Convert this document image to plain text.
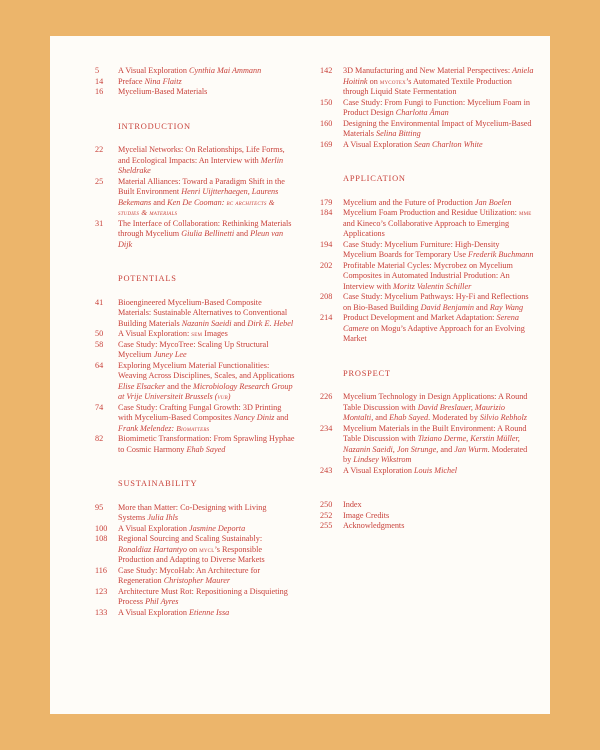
5	A Visual Exploration Cynthia Mai Ammann
14	Preface Nina Flaitz
16	Mycelium-Based Materials
INTRODUCTION
22	Mycelial Networks: On Relationships, Life Forms, and Ecological Impacts: An Interview with Merlin Sheldrake
25	Material Alliances: Toward a Paradigm Shift in the Built Environment Henri Uijtterhaegen, Laurens Bekemans and Ken De Cooman: bc architects & studies & materials
31	The Interface of Collaboration: Rethinking Materials through Mycelium Giulia Bellinetti and Pleun van Dijk
POTENTIALS
41	Bioengineered Mycelium-Based Composite Materials: Sustainable Alternatives to Conventional Building Materials Nazanin Saeidi and Dirk E. Hebel
50	A Visual Exploration: sem Images
58	Case Study: MycoTree: Scaling Up Structural Mycelium Juney Lee
64	Exploring Mycelium Material Functionalities: Weaving Across Disciplines, Scales, and Applications Elise Elsacker and the Microbiology Research Group at Vrije Universiteit Brussels (vub)
74	Case Study: Crafting Fungal Growth: 3D Printing with Mycelium-Based Composites Nancy Diniz and Frank Melendez: Biomatters
82	Biomimetic Transformation: From Sprawling Hyphae to Cosmic Harmony Ehab Sayed
SUSTAINABILITY
95	More than Matter: Co-Designing with Living Systems Julia Ihls
100	A Visual Exploration Jasmine Deporta
108	Regional Sourcing and Scaling Sustainably: Ronaldiaz Hartantyo on mycl’s Responsible Production and Adapting to Diverse Markets
116	Case Study: MycoHab: An Architecture for Regeneration Christopher Maurer
123	Architecture Must Rot: Repositioning a Disquieting Process Phil Ayres
133	A Visual Exploration Etienne Issa
142	3D Manufacturing and New Material Perspectives: Aniela Hoitink on mycotex’s Automated Textile Production through Liquid State Fermentation
150	Case Study: From Fungi to Function: Mycelium Foam in Product Design Charlotta Åman
160	Designing the Environmental Impact of Mycelium-Based Materials Selina Bitting
169	A Visual Exploration Sean Charlton White
APPLICATION
179	Mycelium and the Future of Production Jan Boelen
184	Mycelium Foam Production and Residue Utilization: mme and Kineco’s Collaborative Approach to Emerging Applications
194	Case Study: Mycelium Furniture: High-Density Mycelium Boards for Temporary Use Frederik Buchmann
202	Profitable Material Cycles: Mycrobez on Mycelium Composites in Automated Industrial Prodution: An Interview with Moritz Valentin Schiller
208	Case Study: Mycelium Pathways: Hy-Fi and Reflections on Bio-Based Building David Benjamin and Ray Wang
214	Product Development and Market Adaptation: Serena Camere on Mogu’s Adaptive Approach for an Evolving Market
PROSPECT
226	Mycelium Technology in Design Applications: A Round Table Discussion with David Breslauer, Maurizio Montalti, and Ehab Sayed. Moderated by Silvio Rebholz
234	Mycelium Materials in the Built Environment: A Round Table Discussion with Tiziano Derme, Kerstin Müller, Nazanin Saeidi, Jon Strunge, and Jan Wurm. Moderated by Lindsey Wikstrom
243	A Visual Exploration Louis Michel
250	Index
252	Image Credits
255	Acknowledgments
